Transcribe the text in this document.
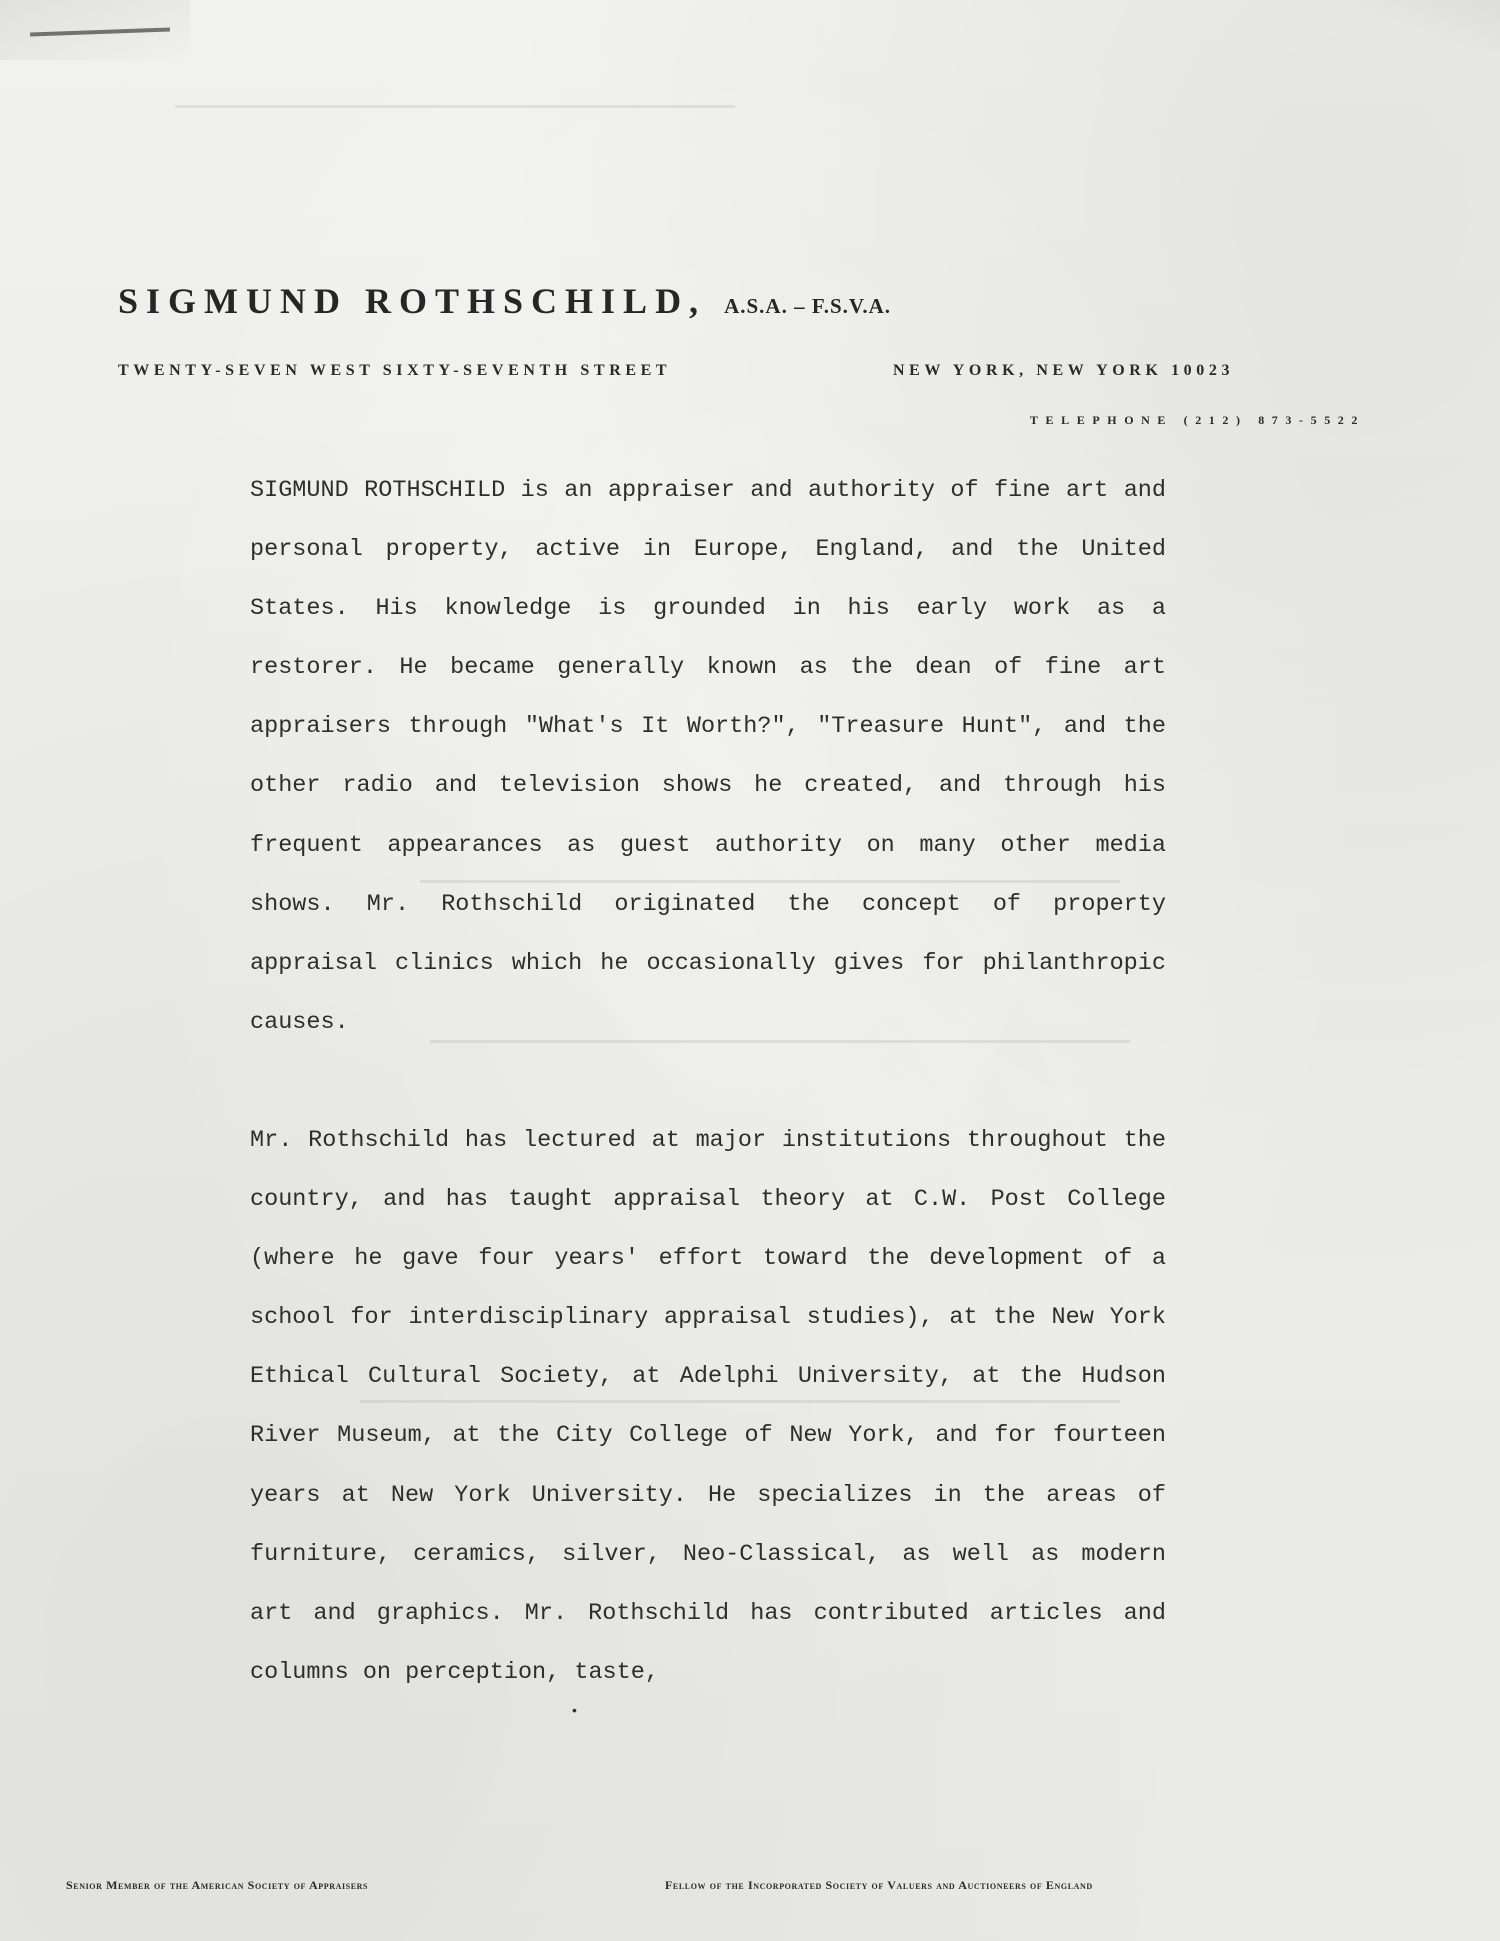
SIGMUND ROTHSCHILD, A.S.A. – F.S.V.A.
TWENTY-SEVEN WEST SIXTY-SEVENTH STREET	NEW YORK, NEW YORK 10023
TELEPHONE (212) 873-5522

SIGMUND ROTHSCHILD is an appraiser and authority of fine art and personal property, active in Europe, England, and the United States. His knowledge is grounded in his early work as a restorer. He became generally known as the dean of fine art appraisers through "What's It Worth?", "Treasure Hunt", and the other radio and television shows he created, and through his frequent appearances as guest authority on many other media shows. Mr. Rothschild originated the concept of property appraisal clinics which he occasionally gives for philanthropic causes.

Mr. Rothschild has lectured at major institutions throughout the country, and has taught appraisal theory at C.W. Post College (where he gave four years' effort toward the development of a school for interdisciplinary appraisal studies), at the New York Ethical Cultural Society, at Adelphi University, at the Hudson River Museum, at the City College of New York, and for fourteen years at New York University. He specializes in the areas of furniture, ceramics, silver, Neo-Classical, as well as modern art and graphics. Mr. Rothschild has contributed articles and columns on perception, taste,

•
Senior Member of the American Society of Appraisers	Fellow of the Incorporated Society of Valuers and Auctioneers of England
